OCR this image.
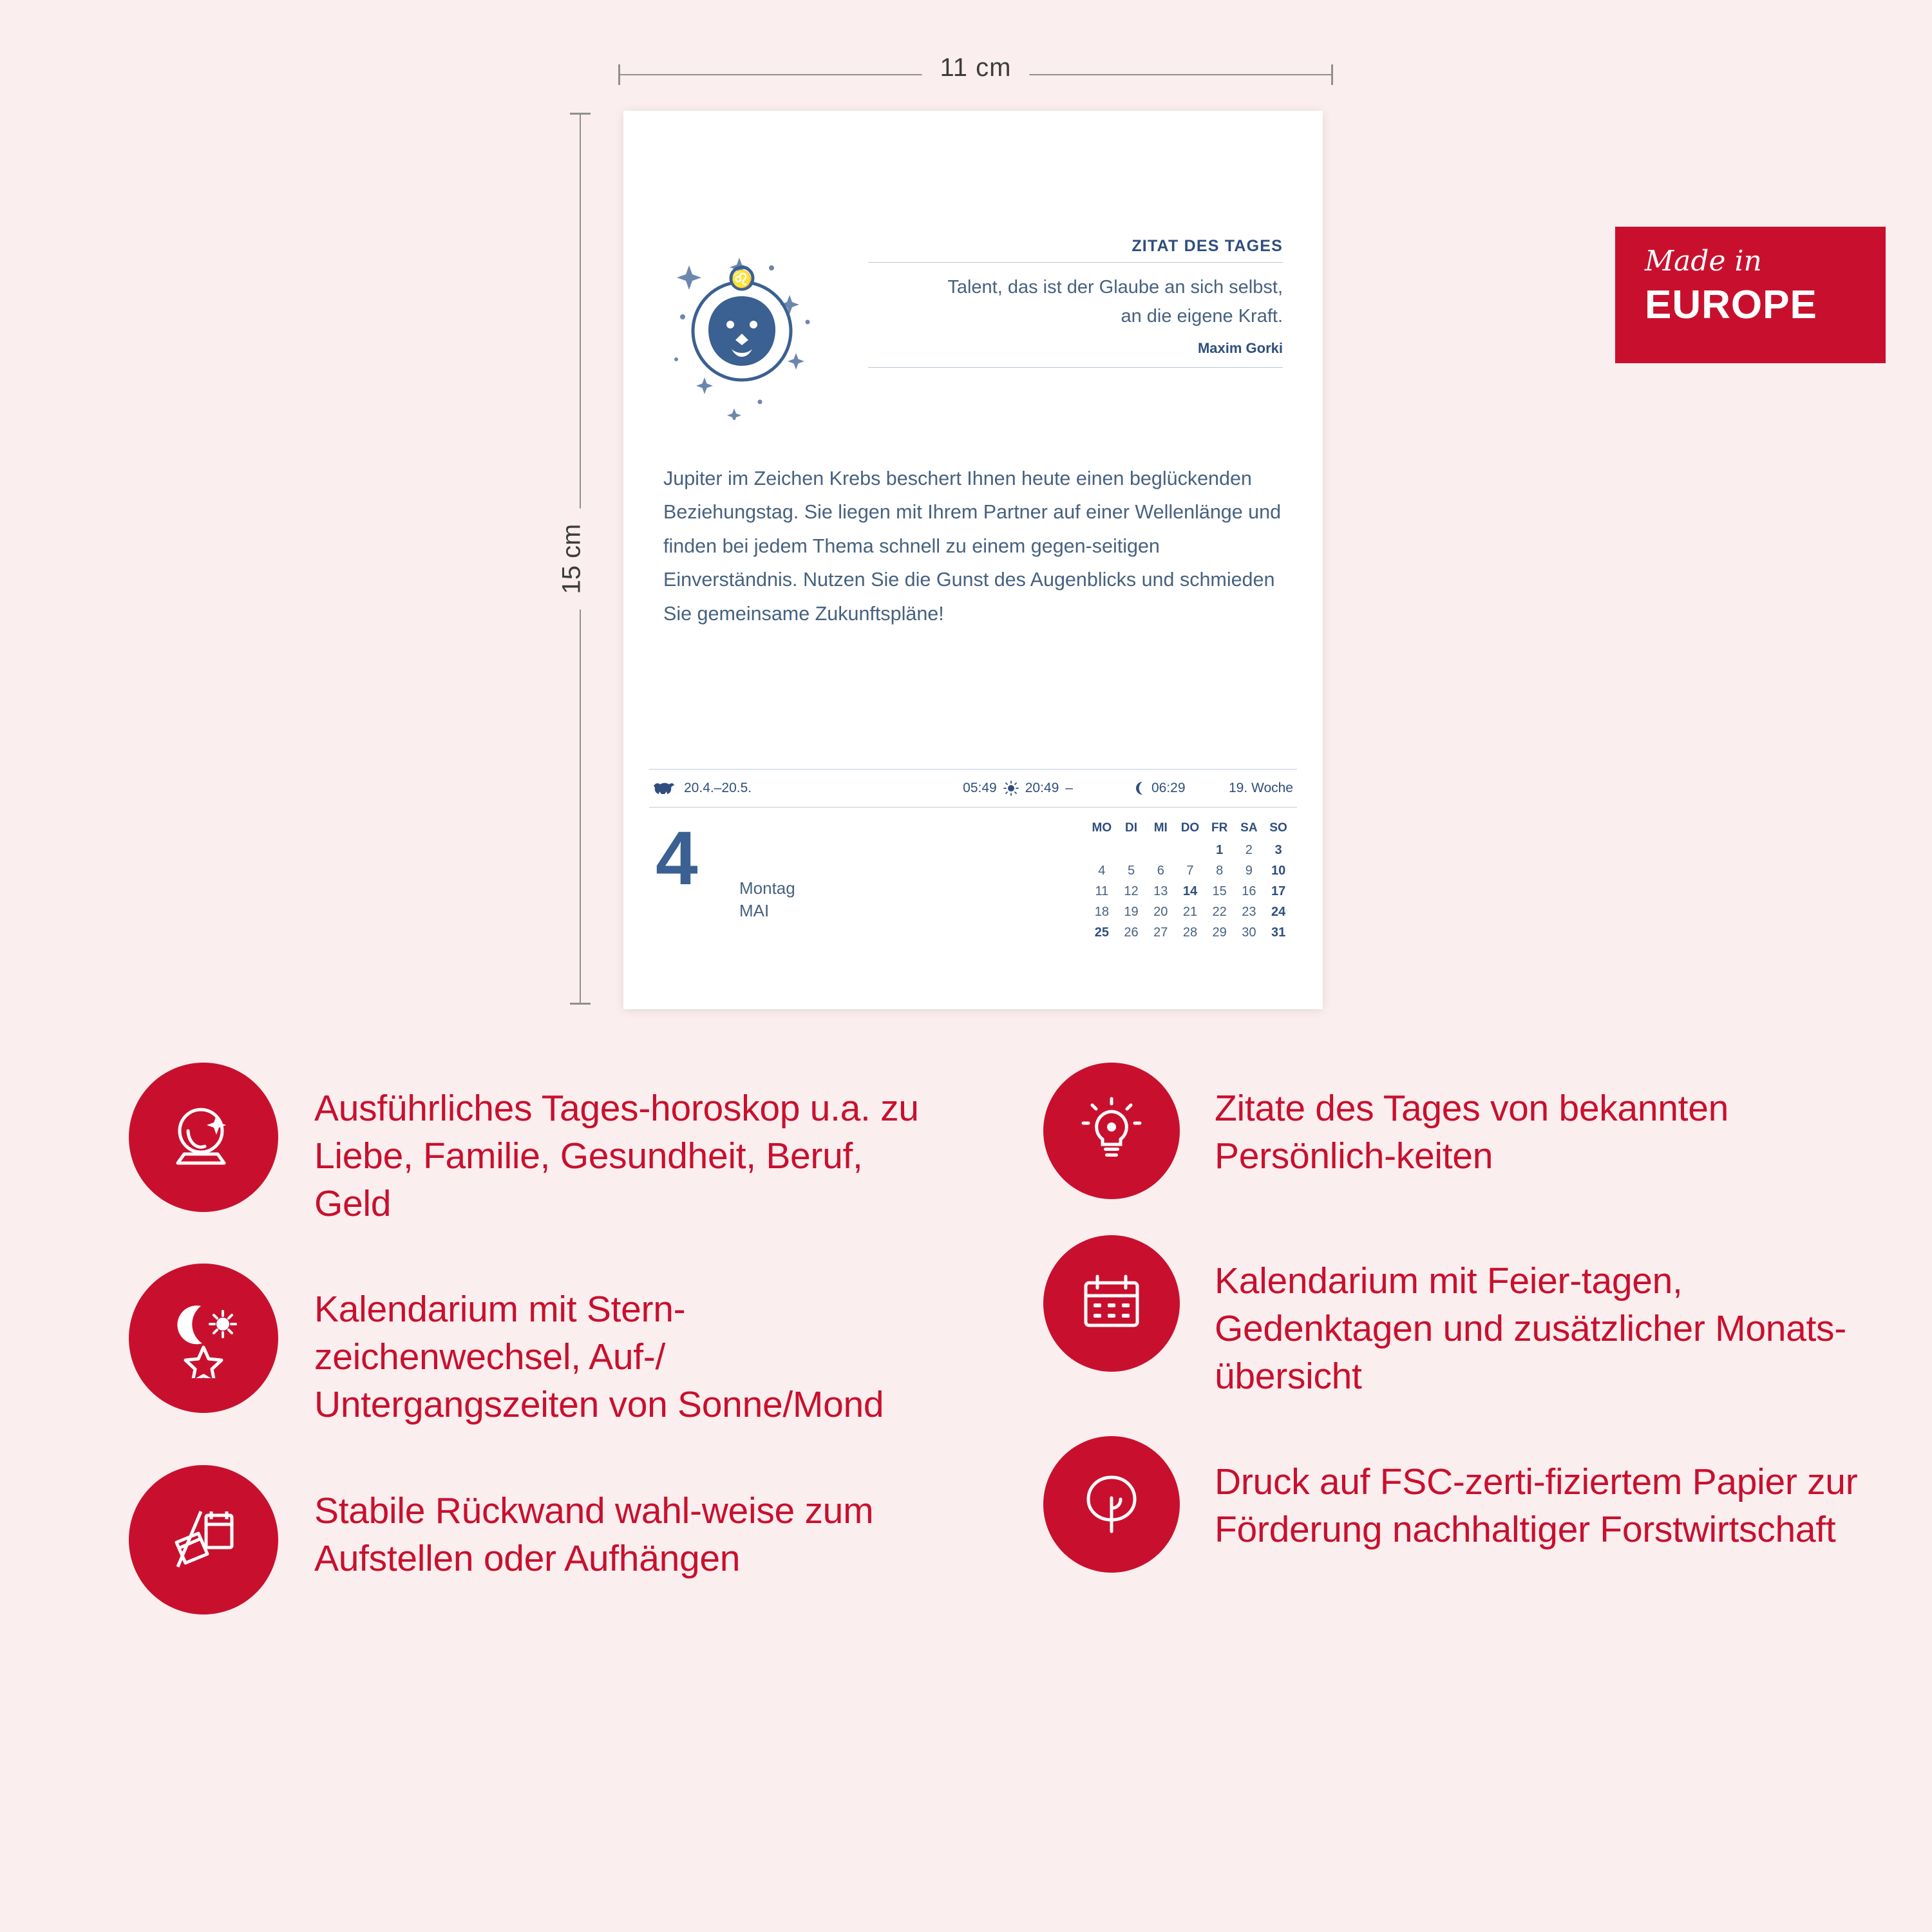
11 cm
15 cm
♌
ZITAT DES TAGES
Talent, das ist der Glaube an sich selbst,
an die eigene Kraft.
Maxim Gorki
Jupiter im Zeichen Krebs beschert Ihnen heute einen beglückenden Beziehungstag. Sie liegen mit Ihrem Partner auf einer Wellenlänge und finden bei jedem Thema schnell zu einem gegen-seitigen Einverständnis. Nutzen Sie die Gunst des Augenblicks und schmieden Sie gemeinsame Zukunftspläne!
20.4.–20.5.	05:49 20:49 –	06:29	19. Woche
4 Montag
MAI
MO	DI	MI	DO	FR	SA	SO
				1	2	3
4	5	6	7	8	9	10
11	12	13	14	15	16	17
18	19	20	21	22	23	24
25	26	27	28	29	30	31
Made in
EUROPE
Ausführliches Tages-horoskop u.a. zu Liebe, Familie, Gesundheit, Beruf, Geld
Kalendarium mit Stern-zeichenwechsel, Auf-/ Untergangszeiten von Sonne/Mond
Stabile Rückwand wahl-weise zum Aufstellen oder Aufhängen
Zitate des Tages von bekannten Persönlich-keiten
Kalendarium mit Feier-tagen, Gedenktagen und zusätzlicher Monats-übersicht
Druck auf FSC-zerti-fiziertem Papier zur Förderung nachhaltiger Forstwirtschaft
